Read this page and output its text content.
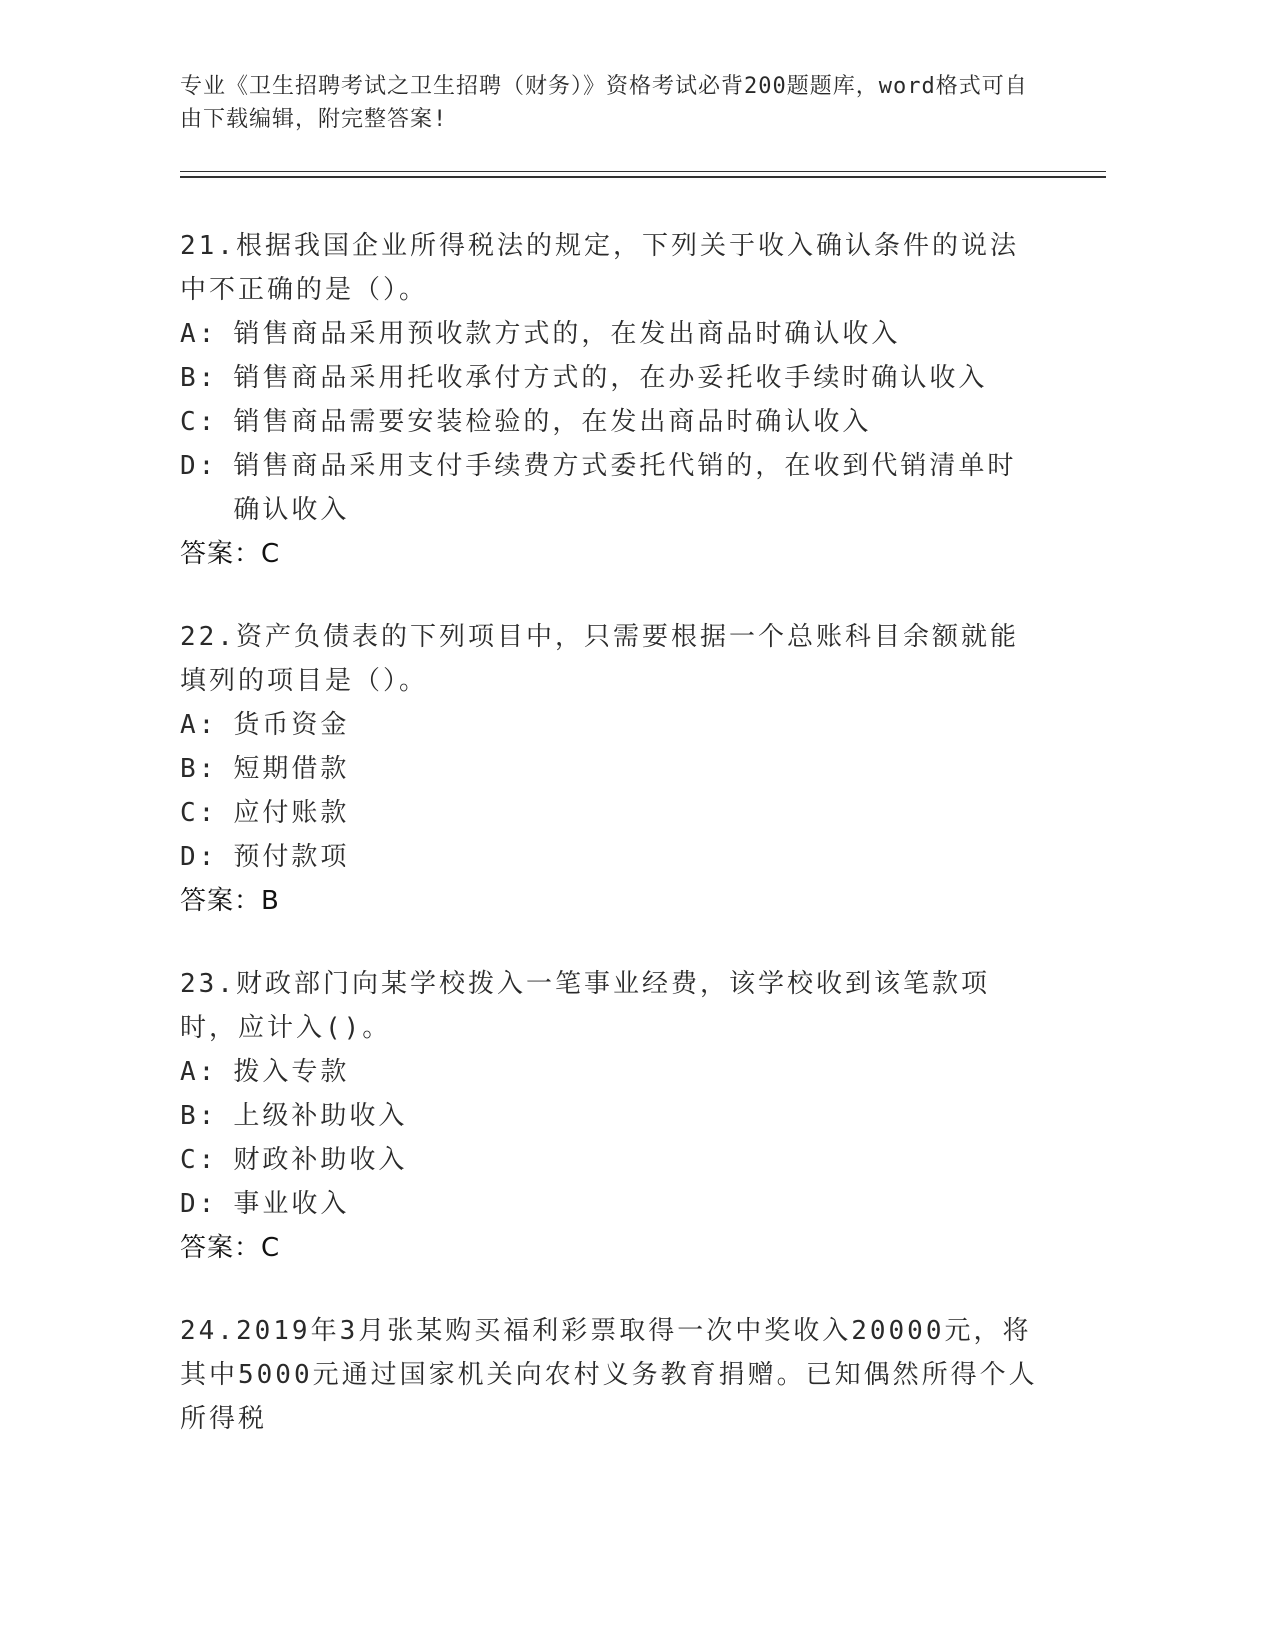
专业《卫生招聘考试之卫生招聘（财务）》资格考试必背200题题库，word格式可自由下载编辑，附完整答案!
21.根据我国企业所得税法的规定，下列关于收入确认条件的说法中不正确的是（）。
A: 销售商品采用预收款方式的，在发出商品时确认收入
B: 销售商品采用托收承付方式的，在办妥托收手续时确认收入
C: 销售商品需要安装检验的，在发出商品时确认收入
D: 销售商品采用支付手续费方式委托代销的，在收到代销清单时确认收入
答案：C
22.资产负债表的下列项目中，只需要根据一个总账科目余额就能填列的项目是（）。
A: 货币资金
B: 短期借款
C: 应付账款
D: 预付款项
答案：B
23.财政部门向某学校拨入一笔事业经费，该学校收到该笔款项时，应计入()。
A: 拨入专款
B: 上级补助收入
C: 财政补助收入
D: 事业收入
答案：C
24.2019年3月张某购买福利彩票取得一次中奖收入20000元，将其中5000元通过国家机关向农村义务教育捐赠。已知偶然所得个人所得税
